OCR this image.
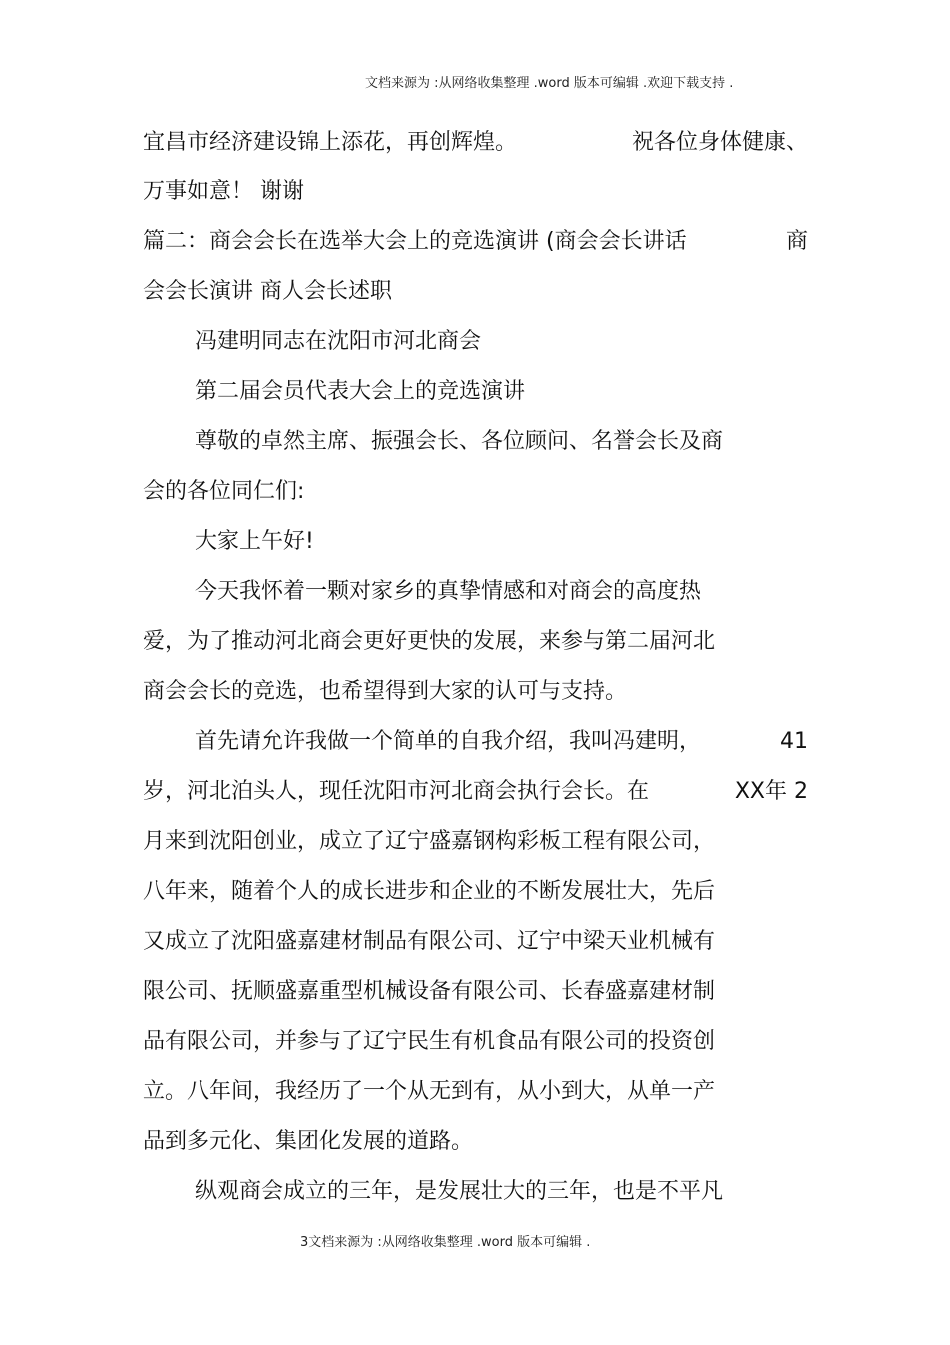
文档来源为 :从网络收集整理 .word 版本可编辑 .欢迎下载支持 .
宜昌市经济建设锦上添花，再创辉煌。	祝各位身体健康、
万事如意！ 谢谢
篇二：商会会长在选举大会上的竞选演讲 (商会会长讲话	商
会会长演讲 商人会长述职
冯建明同志在沈阳市河北商会
第二届会员代表大会上的竞选演讲
尊敬的卓然主席、振强会长、各位顾问、名誉会长及商
会的各位同仁们:
大家上午好!
今天我怀着一颗对家乡的真挚情感和对商会的高度热
爱，为了推动河北商会更好更快的发展，来参与第二届河北
商会会长的竞选，也希望得到大家的认可与支持。
首先请允许我做一个简单的自我介绍，我叫冯建明，	41
岁，河北泊头人，现任沈阳市河北商会执行会长。在	XX年 2
月来到沈阳创业，成立了辽宁盛嘉钢构彩板工程有限公司，
八年来，随着个人的成长进步和企业的不断发展壮大，先后
又成立了沈阳盛嘉建材制品有限公司、辽宁中梁天业机械有
限公司、抚顺盛嘉重型机械设备有限公司、长春盛嘉建材制
品有限公司，并参与了辽宁民生有机食品有限公司的投资创
立。八年间，我经历了一个从无到有，从小到大，从单一产
品到多元化、集团化发展的道路。
纵观商会成立的三年，是发展壮大的三年，也是不平凡
3文档来源为 :从网络收集整理 .word 版本可编辑 .
